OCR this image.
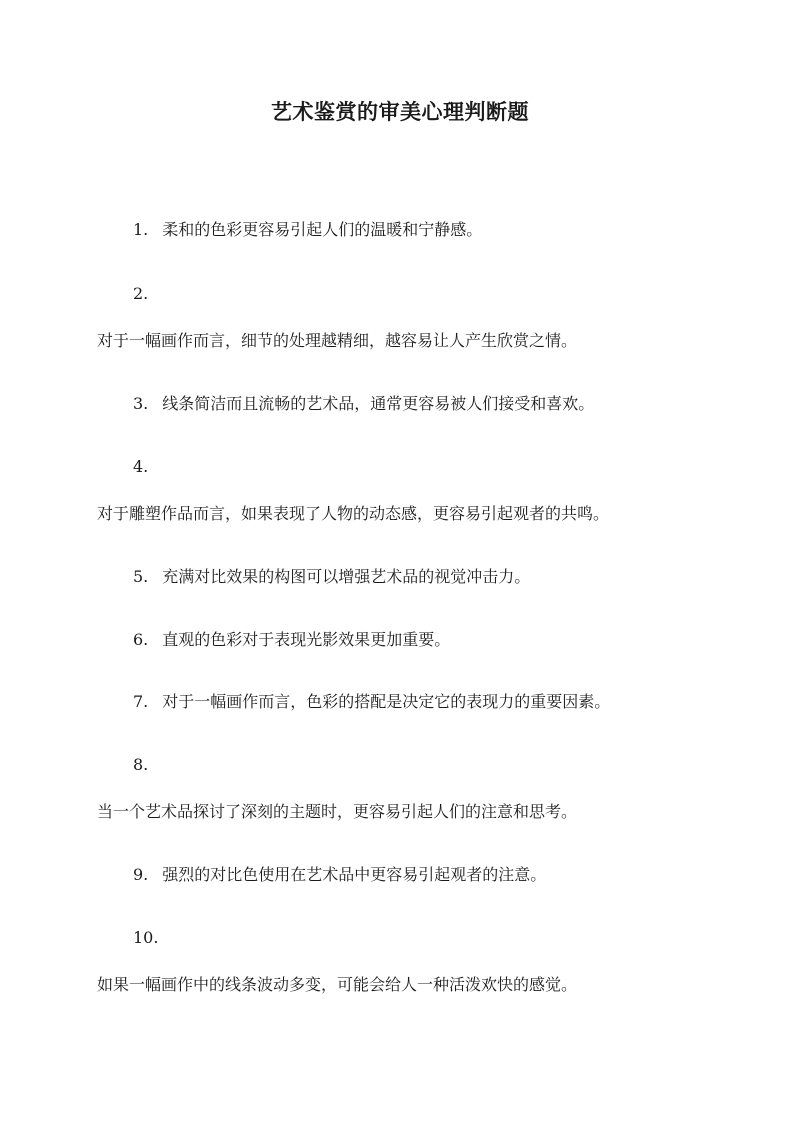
艺术鉴赏的审美心理判断题
1. 柔和的色彩更容易引起人们的温暖和宁静感。
2.
对于一幅画作而言，细节的处理越精细，越容易让人产生欣赏之情。
3. 线条简洁而且流畅的艺术品，通常更容易被人们接受和喜欢。
4.
对于雕塑作品而言，如果表现了人物的动态感，更容易引起观者的共鸣。
5. 充满对比效果的构图可以增强艺术品的视觉冲击力。
6. 直观的色彩对于表现光影效果更加重要。
7. 对于一幅画作而言，色彩的搭配是决定它的表现力的重要因素。
8.
当一个艺术品探讨了深刻的主题时，更容易引起人们的注意和思考。
9. 强烈的对比色使用在艺术品中更容易引起观者的注意。
10.
如果一幅画作中的线条波动多变，可能会给人一种活泼欢快的感觉。
